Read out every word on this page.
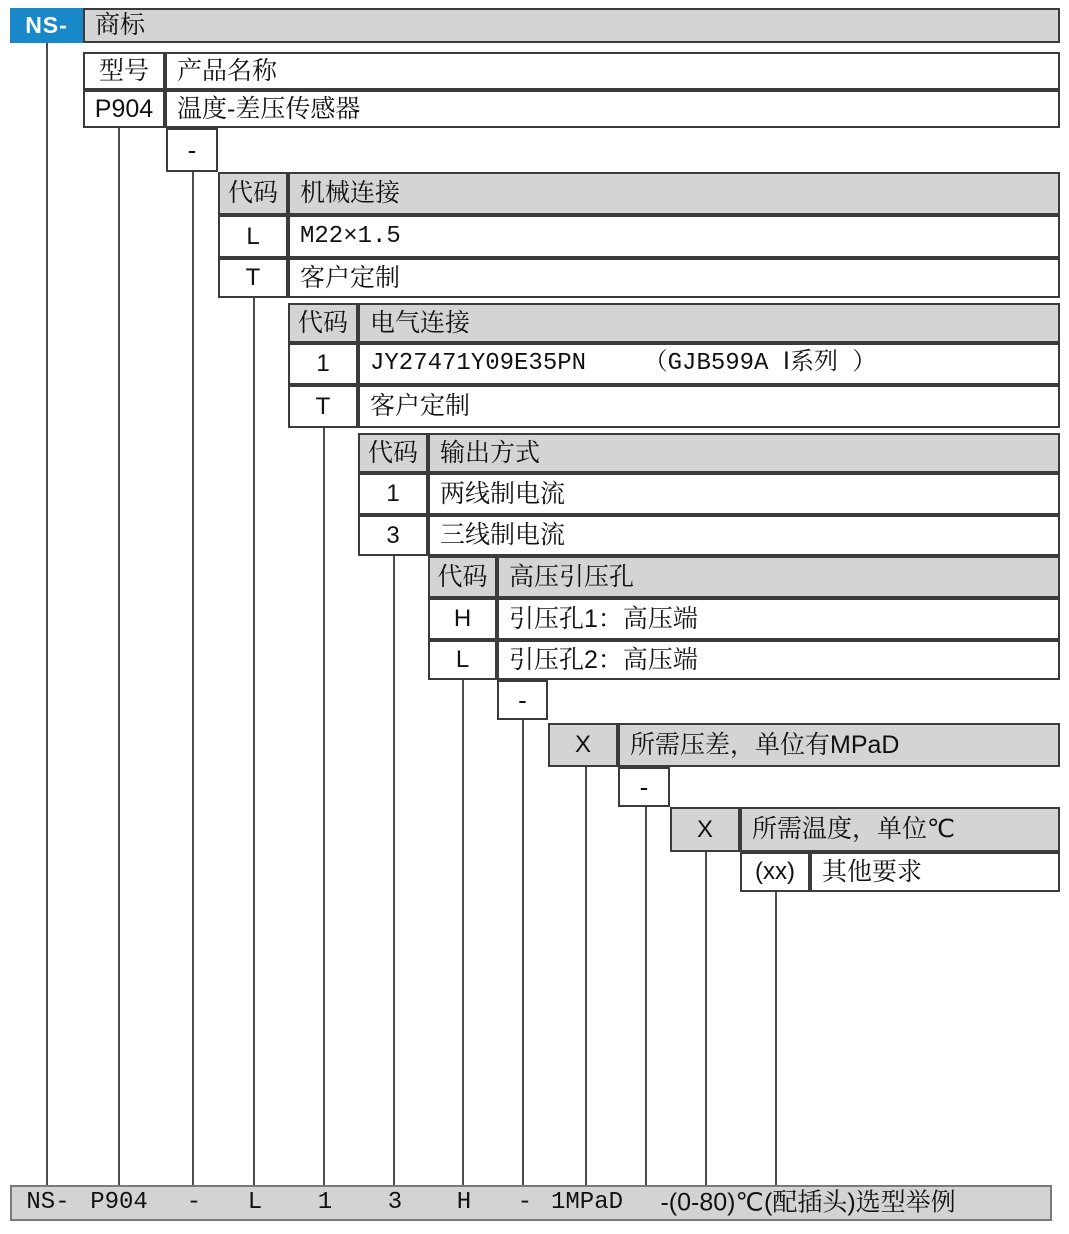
NS-	商标
型号	产品名称
P904 温度-差压传感器
-
代码 机械连接
L	M22×1.5
T	客户定制
代码 电气连接
1	JY27471Y09E35PN    （GJB599A Ⅰ系列 ）
T	客户定制
代码 输出方式
1	两线制电流
3	三线制电流
代码 高压引压孔
H	引压孔1：高压端
L	引压孔2：高压端
-
X	所需压差，单位有MPaD
-
X	所需温度，单位℃
(xx)	其他要求
NS- P904 - L 1 3 H - 1MPaD -(0-80)℃ (配插头)选型举例
